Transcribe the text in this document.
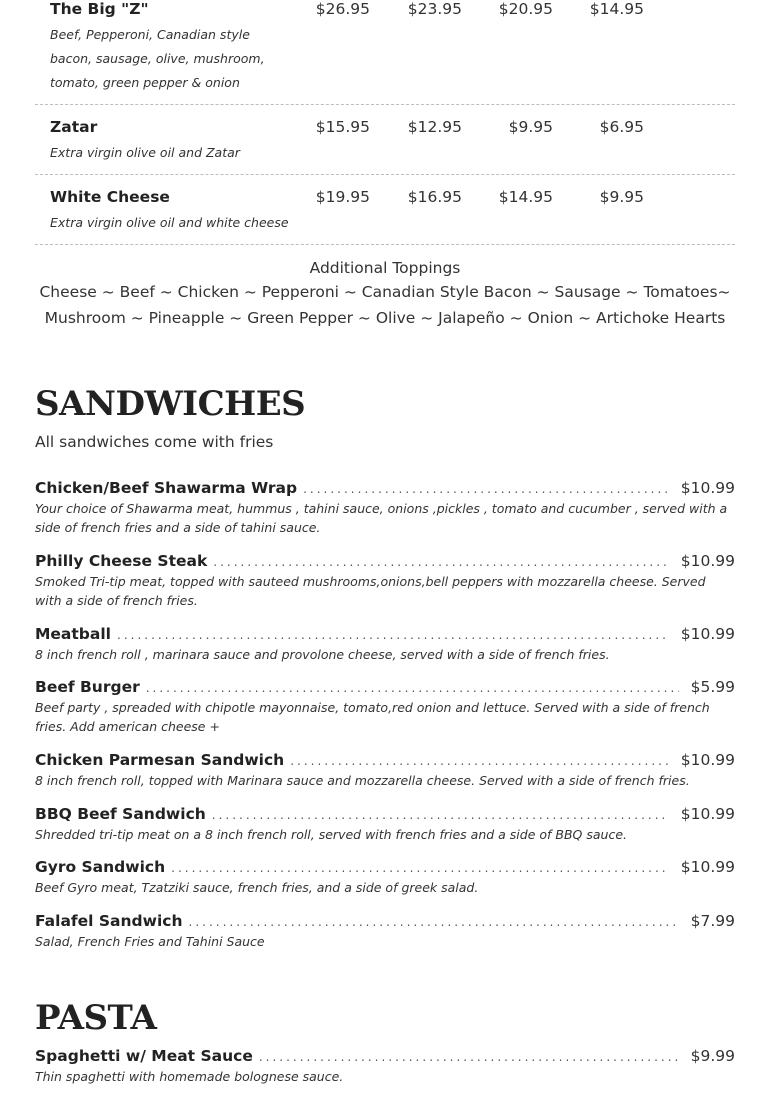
The Big "Z"
Beef, Pepperoni, Canadian style bacon, sausage, olive, mushroom, tomato, green pepper & onion
$26.95	$23.95	$20.95	$14.95
Zatar
Extra virgin olive oil and Zatar
$15.95	$12.95	$9.95	$6.95
White Cheese
Extra virgin olive oil and white cheese
$19.95	$16.95	$14.95	$9.95
Additional Toppings
Cheese ~ Beef ~ Chicken ~ Pepperoni ~ Canadian Style Bacon ~ Sausage ~ Tomatoes~
Mushroom ~ Pineapple ~ Green Pepper ~ Olive ~ Jalapeño ~ Onion ~ Artichoke Hearts
SANDWICHES
All sandwiches come with fries
Chicken/Beef Shawarma Wrap .....	$10.99
Your choice of Shawarma meat, hummus , tahini sauce, onions ,pickles , tomato and cucumber , served with a side of french fries and a side of tahini sauce.
Philly Cheese Steak .....	$10.99
Smoked Tri-tip meat, topped with sauteed mushrooms,onions,bell peppers with mozzarella cheese. Served with a side of french fries.
Meatball .....	$10.99
8 inch french roll , marinara sauce and provolone cheese, served with a side of french fries.
Beef Burger .....	$5.99
Beef party , spreaded with chipotle mayonnaise, tomato,red onion and lettuce. Served with a side of french fries. Add american cheese +
Chicken Parmesan Sandwich .....	$10.99
8 inch french roll, topped with Marinara sauce and mozzarella cheese. Served with a side of french fries.
BBQ Beef Sandwich .....	$10.99
Shredded tri-tip meat on a 8 inch french roll, served with french fries and a side of BBQ sauce.
Gyro Sandwich .....	$10.99
Beef Gyro meat, Tzatziki sauce, french fries, and a side of greek salad.
Falafel Sandwich .....	$7.99
Salad, French Fries and Tahini Sauce
PASTA
Spaghetti w/ Meat Sauce .....	$9.99
Thin spaghetti with homemade bolognese sauce.
